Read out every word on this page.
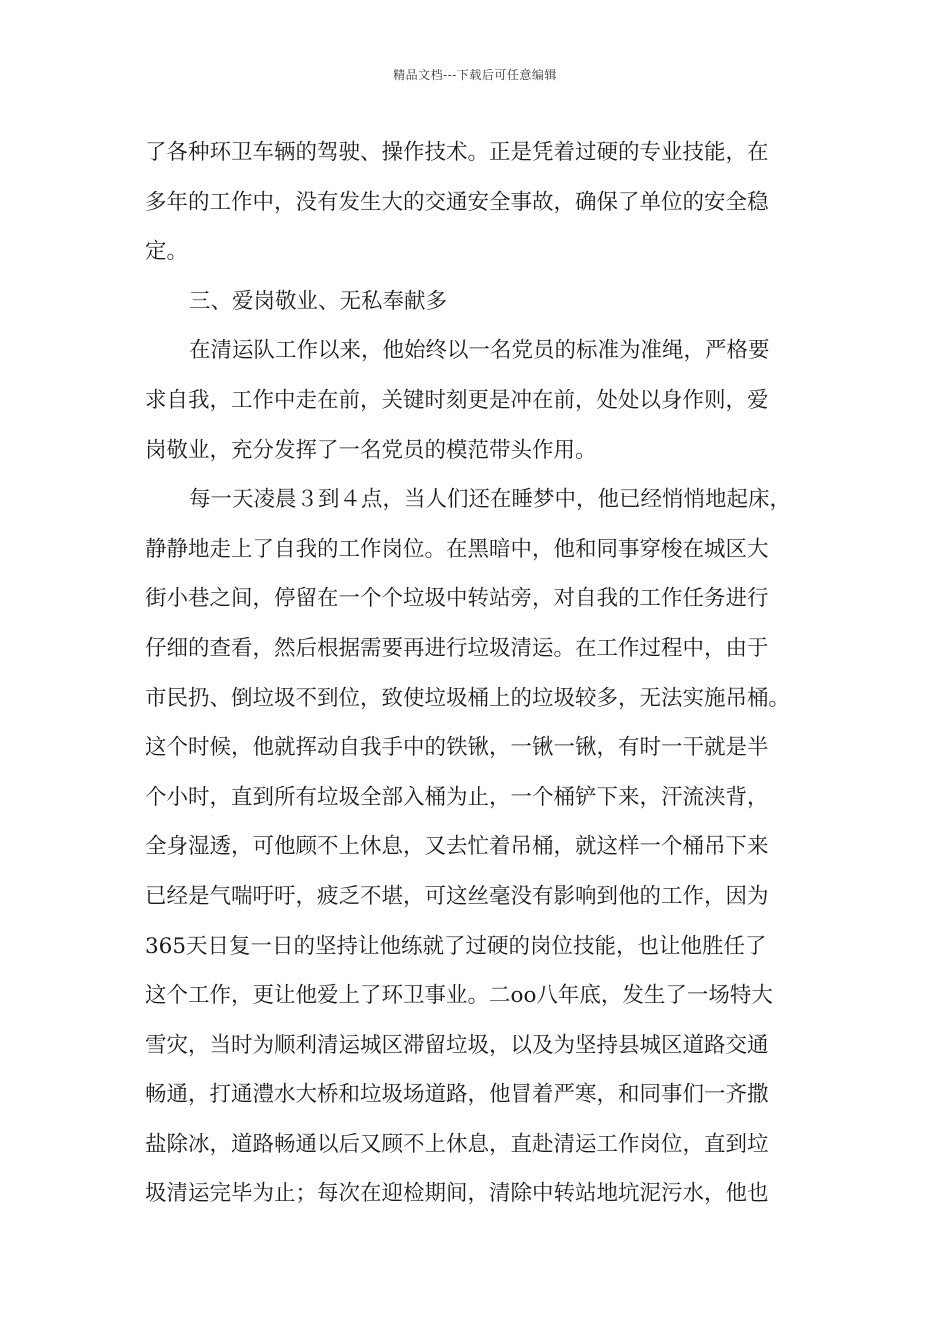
精品文档---下载后可任意编辑
了各种环卫车辆的驾驶、操作技术。正是凭着过硬的专业技能，在
多年的工作中，没有发生大的交通安全事故，确保了单位的安全稳
定。
三、爱岗敬业、无私奉献多
在清运队工作以来，他始终以一名党员的标准为准绳，严格要
求自我，工作中走在前，关键时刻更是冲在前，处处以身作则，爱
岗敬业，充分发挥了一名党员的模范带头作用。
每一天凌晨３到４点，当人们还在睡梦中，他已经悄悄地起床，
静静地走上了自我的工作岗位。在黑暗中，他和同事穿梭在城区大
街小巷之间，停留在一个个垃圾中转站旁，对自我的工作任务进行
仔细的查看，然后根据需要再进行垃圾清运。在工作过程中，由于
市民扔、倒垃圾不到位，致使垃圾桶上的垃圾较多，无法实施吊桶。
这个时候，他就挥动自我手中的铁锹，一锹一锹，有时一干就是半
个小时，直到所有垃圾全部入桶为止，一个桶铲下来，汗流浃背，
全身湿透，可他顾不上休息，又去忙着吊桶，就这样一个桶吊下来
已经是气喘吁吁，疲乏不堪，可这丝毫没有影响到他的工作，因为
365天日复一日的坚持让他练就了过硬的岗位技能，也让他胜任了
这个工作，更让他爱上了环卫事业。二oo八年底，发生了一场特大
雪灾，当时为顺利清运城区滞留垃圾，以及为坚持县城区道路交通
畅通，打通澧水大桥和垃圾场道路，他冒着严寒，和同事们一齐撒
盐除冰，道路畅通以后又顾不上休息，直赴清运工作岗位，直到垃
圾清运完毕为止；每次在迎检期间，清除中转站地坑泥污水，他也
